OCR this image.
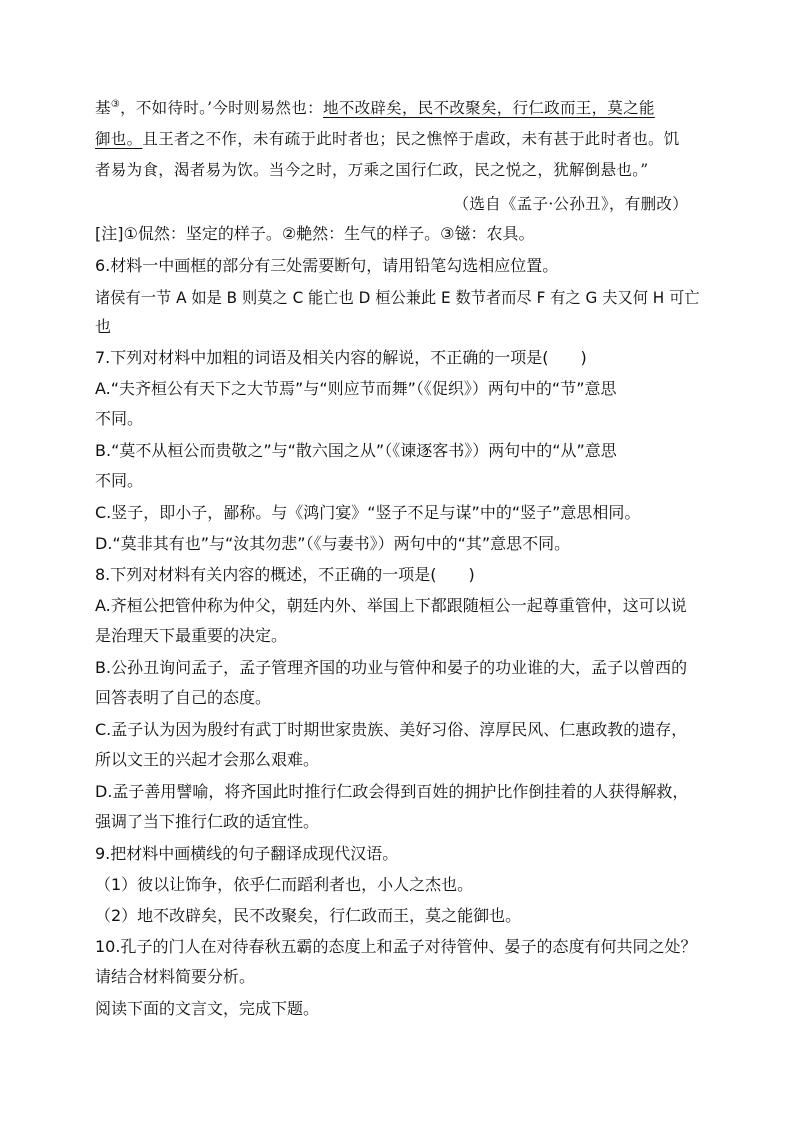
基③，不如待时。’今时则易然也：地不改辟矣，民不改聚矣，行仁政而王，莫之能
御也。且王者之不作，未有疏于此时者也；民之憔悴于虐政，未有甚于此时者也。饥
者易为食，渴者易为饮。当今之时，万乘之国行仁政，民之悦之，犹解倒悬也。”
（选自《孟子·公孙丑》，有删改）
[注]①侃然：坚定的样子。②艴然：生气的样子。③镃：农具。
6.材料一中画框的部分有三处需要断句，请用铅笔勾选相应位置。
诸侯有一节 A 如是 B 则莫之 C 能亡也 D 桓公兼此 E 数节者而尽 F 有之 G 夫又何 H 可亡
也
7.下列对材料中加粗的词语及相关内容的解说，不正确的一项是(　　)
A.“夫齐桓公有天下之大节焉”与“则应节而舞”（《促织》）两句中的“节”意思
不同。
B.“莫不从桓公而贵敬之”与“散六国之从”（《谏逐客书》）两句中的“从”意思
不同。
C.竖子，即小子，鄙称。与《鸿门宴》“竖子不足与谋”中的“竖子”意思相同。
D.“莫非其有也”与“汝其勿悲”（《与妻书》）两句中的“其”意思不同。
8.下列对材料有关内容的概述，不正确的一项是(　　)
A.齐桓公把管仲称为仲父，朝廷内外、举国上下都跟随桓公一起尊重管仲，这可以说
是治理天下最重要的决定。
B.公孙丑询问孟子，孟子管理齐国的功业与管仲和晏子的功业谁的大，孟子以曾西的
回答表明了自己的态度。
C.孟子认为因为殷纣有武丁时期世家贵族、美好习俗、淳厚民风、仁惠政教的遗存，
所以文王的兴起才会那么艰难。
D.孟子善用譬喻，将齐国此时推行仁政会得到百姓的拥护比作倒挂着的人获得解救，
强调了当下推行仁政的适宜性。
9.把材料中画横线的句子翻译成现代汉语。
（1）彼以让饰争，依乎仁而蹈利者也，小人之杰也。
（2）地不改辟矣，民不改聚矣，行仁政而王，莫之能御也。
10.孔子的门人在对待春秋五霸的态度上和孟子对待管仲、晏子的态度有何共同之处？
请结合材料简要分析。
阅读下面的文言文，完成下题。
